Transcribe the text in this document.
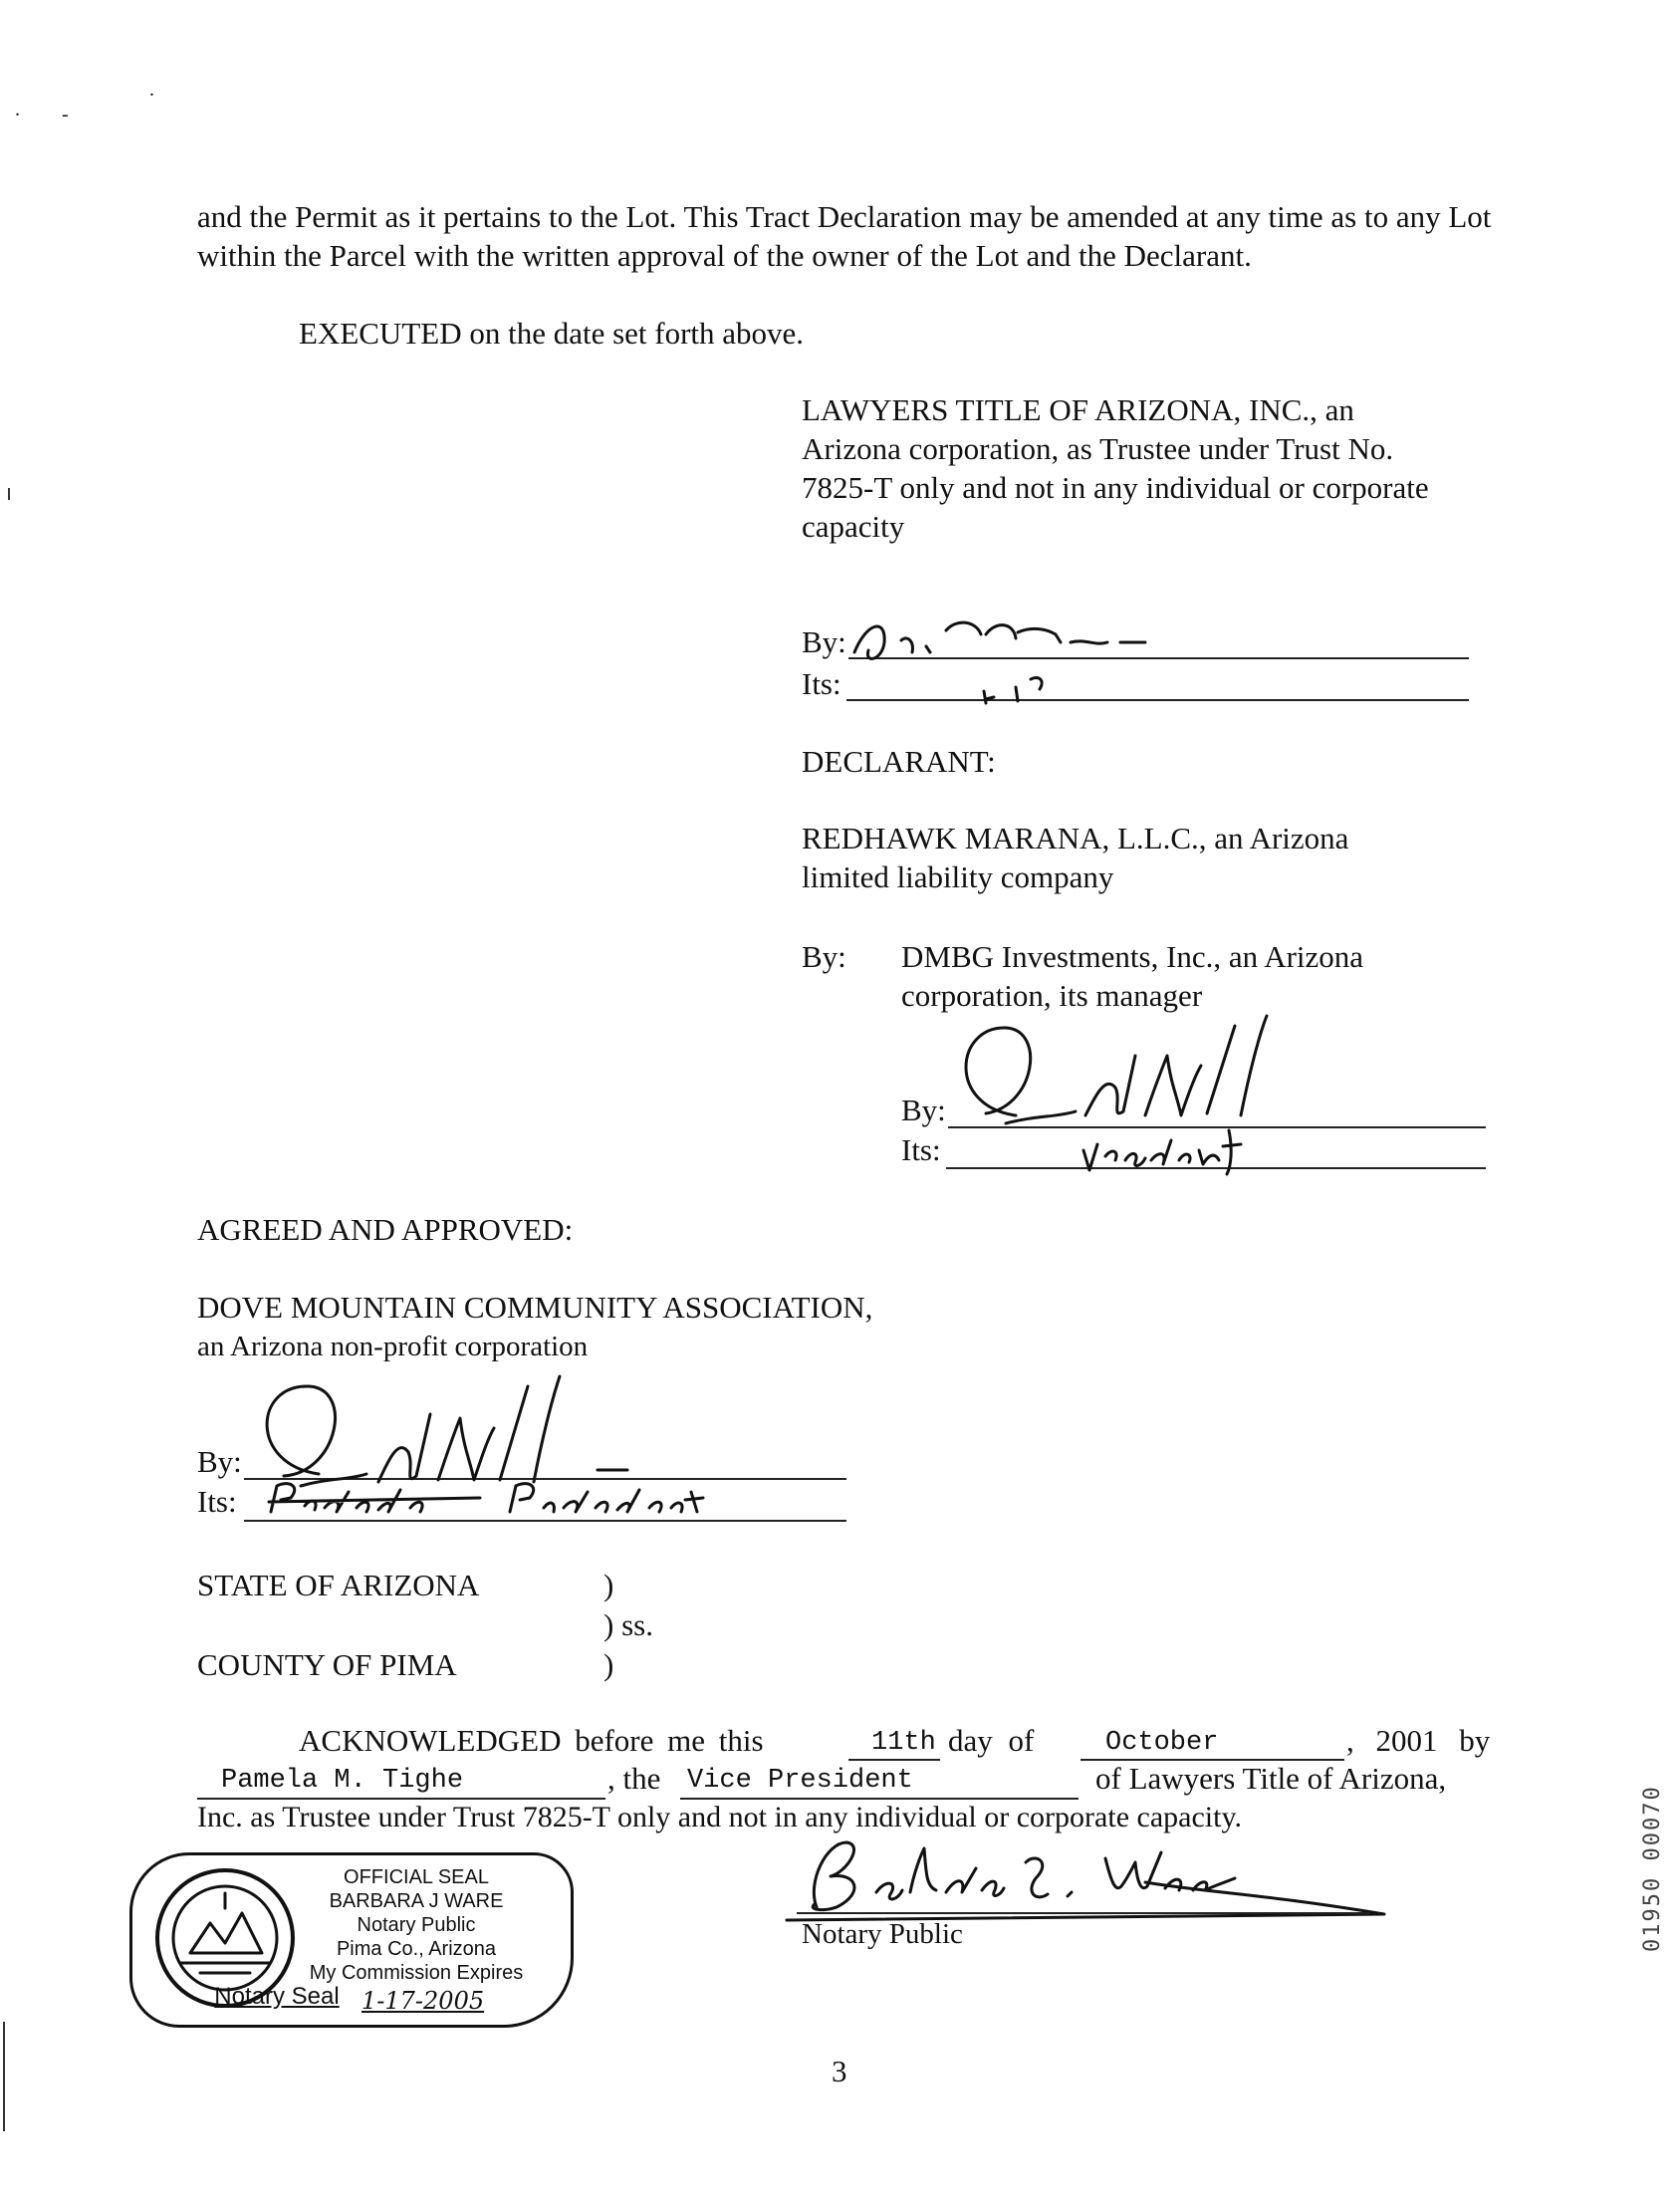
.
. -
and the Permit as it pertains to the Lot. This Tract Declaration may be amended at any time as to any Lot within the Parcel with the written approval of the owner of the Lot and the Declarant.
EXECUTED on the date set forth above.
LAWYERS TITLE OF ARIZONA, INC., an
Arizona corporation, as Trustee under Trust No.
7825-T only and not in any individual or corporate
capacity
By:
Its:
DECLARANT:
REDHAWK MARANA, L.L.C., an Arizona
limited liability company
By: DMBG Investments, Inc., an Arizona
corporation, its manager
By:
Its:
AGREED AND APPROVED:
DOVE MOUNTAIN COMMUNITY ASSOCIATION,
an Arizona non-profit corporation
By:
Its:
STATE OF ARIZONA	)
) ss.
COUNTY OF PIMA	)
ACKNOWLEDGED before me this	11th day of	October	, 2001 by
Pamela M. Tighe	, the Vice President	of Lawyers Title of Arizona,
Inc. as Trustee under Trust 7825-T only and not in any individual or corporate capacity.
OFFICIAL SEAL
BARBARA J WARE
Notary Public
Pima Co., Arizona
My Commission Expires
Notary Seal 1-17-2005
Notary Public
3
01950 00070
